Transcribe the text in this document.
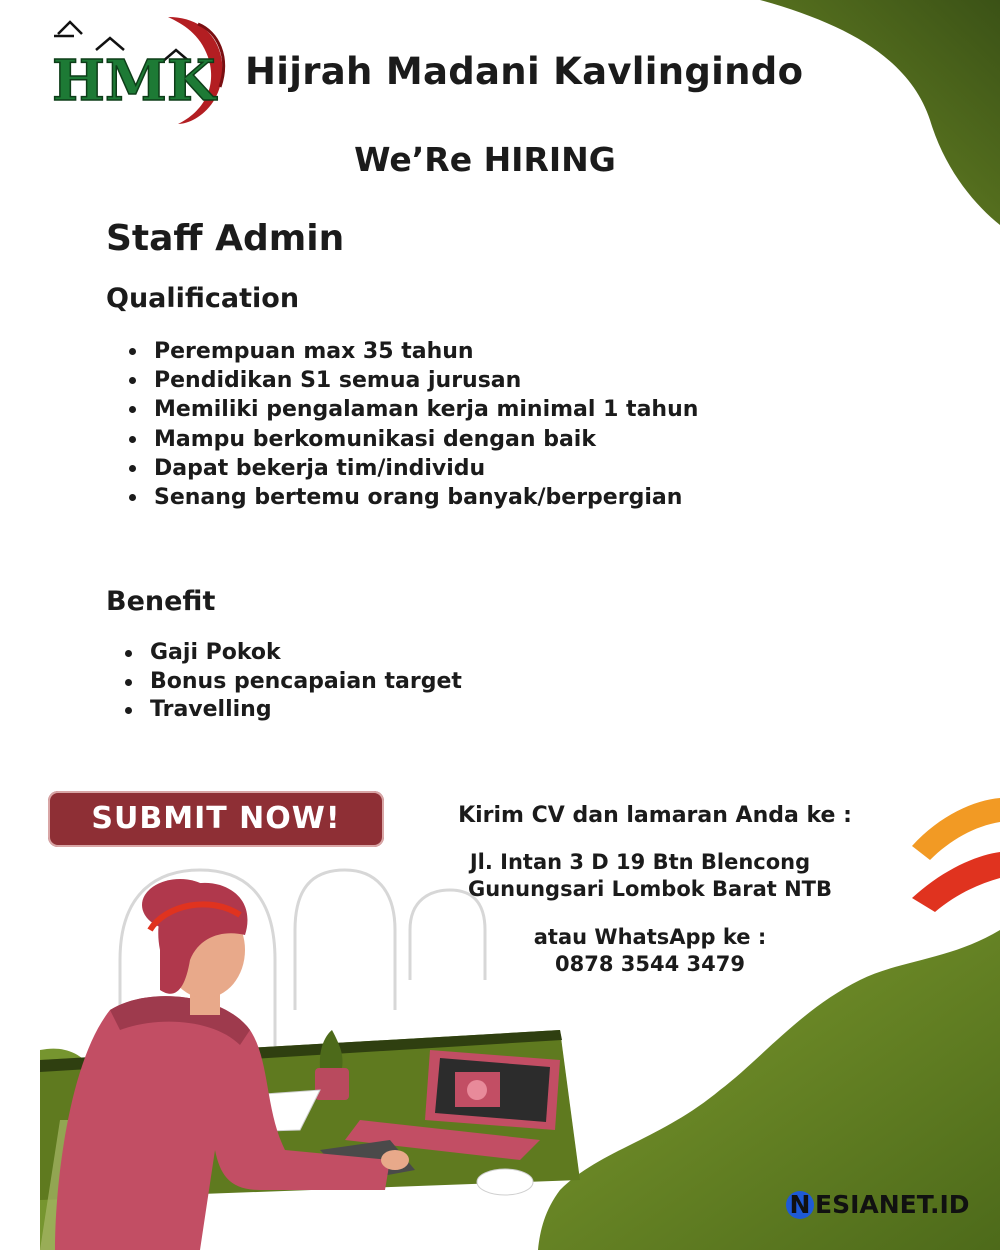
HMK Hijrah Madani Kavlingindo
We’Re HIRING
Staff Admin
Qualification
Perempuan max 35 tahun
Pendidikan S1 semua jurusan
Memiliki pengalaman kerja minimal 1 tahun
Mampu berkomunikasi dengan baik
Dapat bekerja tim/individu
Senang bertemu orang banyak/berpergian
Benefit
Gaji Pokok
Bonus pencapaian target
Travelling
SUBMIT NOW!	Kirim CV dan lamaran Anda ke :
Jl. Intan 3 D 19 Btn Blencong
Gunungsari Lombok Barat NTB
atau WhatsApp ke :
0878 3544 3479
N ESIANET.ID
